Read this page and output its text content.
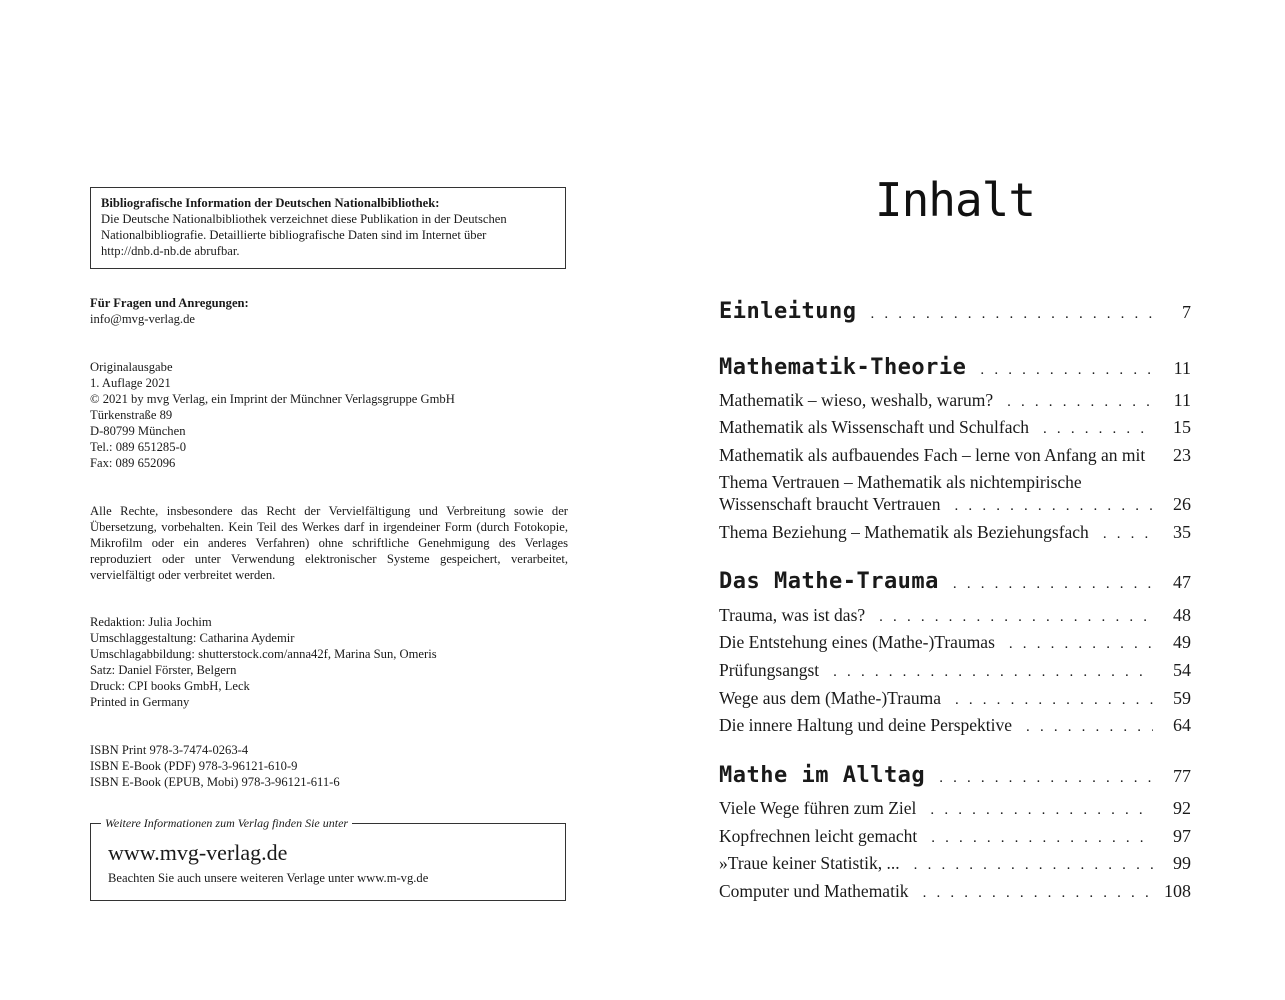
Bibliografische Information der Deutschen Nationalbibliothek:
Die Deutsche Nationalbibliothek verzeichnet diese Publikation in der Deutschen
Nationalbibliografie. Detaillierte bibliografische Daten sind im Internet über
http://dnb.d-nb.de abrufbar.
Für Fragen und Anregungen:
info@mvg-verlag.de
Originalausgabe
1. Auflage 2021
© 2021 by mvg Verlag, ein Imprint der Münchner Verlagsgruppe GmbH
Türkenstraße 89
D-80799 München
Tel.: 089 651285-0
Fax: 089 652096
Alle Rechte, insbesondere das Recht der Vervielfältigung und Verbreitung sowie der Übersetzung, vorbehalten. Kein Teil des Werkes darf in irgendeiner Form (durch Fotokopie, Mikrofilm oder ein anderes Verfahren) ohne schriftliche Genehmigung des Verlages reproduziert oder unter Verwendung elektronischer Systeme gespeichert, verarbeitet, vervielfältigt oder verbreitet werden.
Redaktion: Julia Jochim
Umschlaggestaltung: Catharina Aydemir
Umschlagabbildung: shutterstock.com/anna42f, Marina Sun, Omeris
Satz: Daniel Förster, Belgern
Druck: CPI books GmbH, Leck
Printed in Germany
ISBN Print 978-3-7474-0263-4
ISBN E-Book (PDF) 978-3-96121-610-9
ISBN E-Book (EPUB, Mobi) 978-3-96121-611-6
Weitere Informationen zum Verlag finden Sie unter
www.mvg-verlag.de
Beachten Sie auch unsere weiteren Verlage unter www.m-vg.de
Inhalt
Einleitung . . .	7
Mathematik-Theorie . . .	11
Mathematik – wieso, weshalb, warum? . . .	11
Mathematik als Wissenschaft und Schulfach . . .	15
Mathematik als aufbauendes Fach – lerne von Anfang an mit	23
Thema Vertrauen – Mathematik als nichtempirische
Wissenschaft braucht Vertrauen . . .	26
Thema Beziehung – Mathematik als Beziehungsfach . . .	35
Das Mathe-Trauma . . .	47
Trauma, was ist das? . . .	48
Die Entstehung eines (Mathe-)Traumas . . .	49
Prüfungsangst . . .	54
Wege aus dem (Mathe-)Trauma . . .	59
Die innere Haltung und deine Perspektive . . .	64
Mathe im Alltag . . .	77
Viele Wege führen zum Ziel . . .	92
Kopfrechnen leicht gemacht . . .	97
»Traue keiner Statistik, ... . . .	99
Computer und Mathematik . . .	108
